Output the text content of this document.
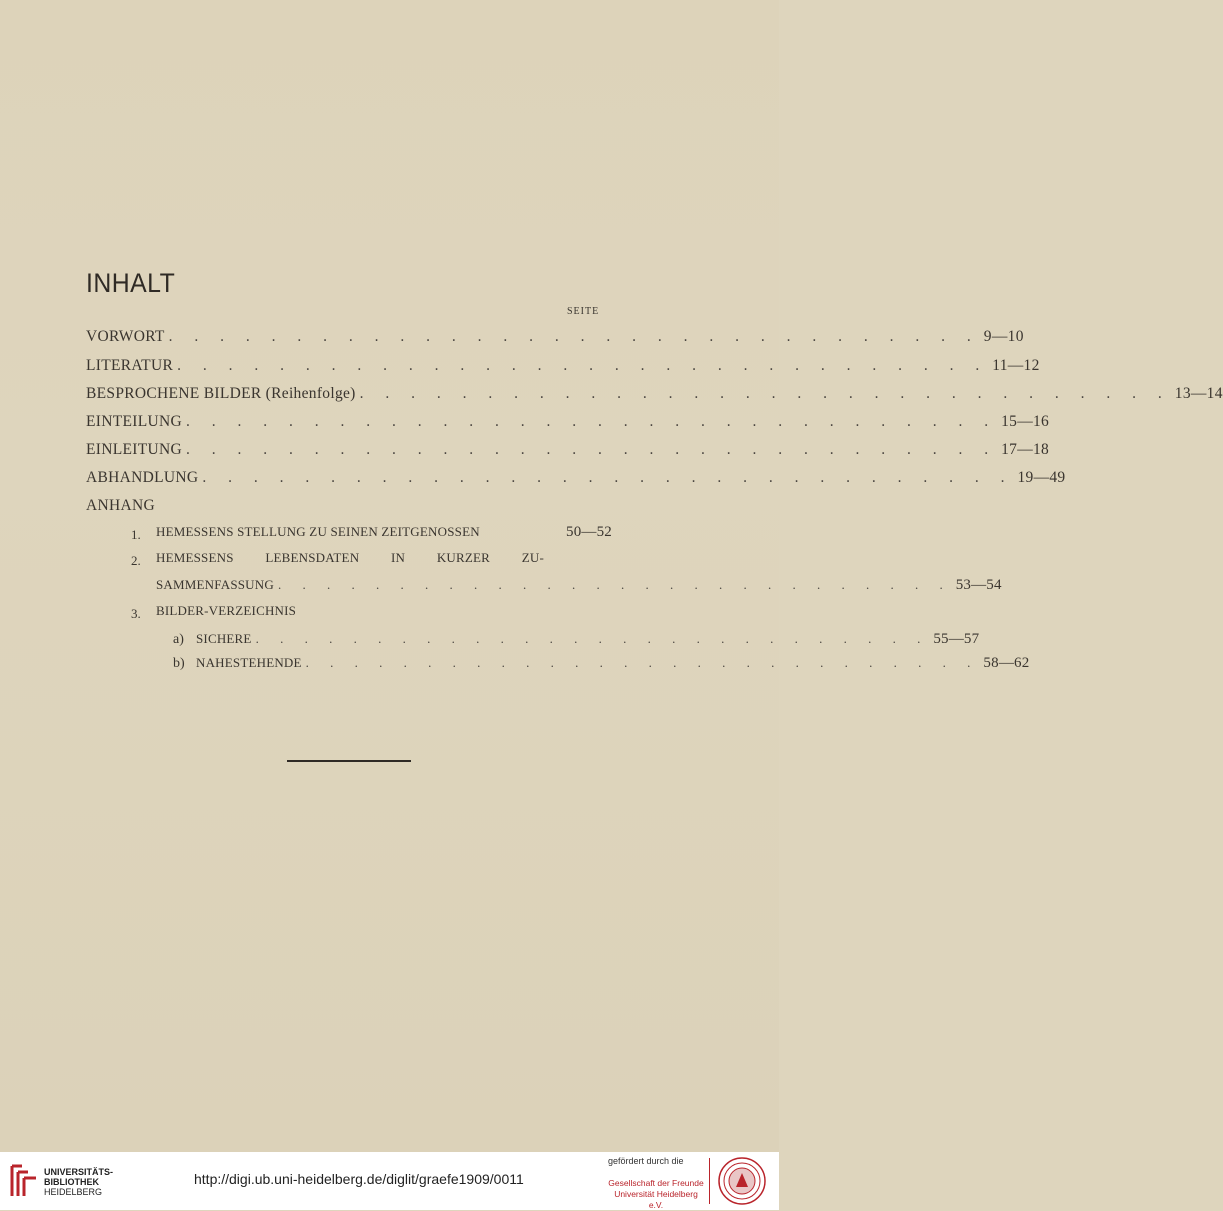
INHALT
SEITE
VORWORT . . . . . . . . . . . . . . . . . . . . . . . . . . . . . . . . 9—10
LITERATUR . . . . . . . . . . . . . . . . . . . . . . . . . . . . . . . . 11—12
BESPROCHENE BILDER (Reihenfolge) . . . . . . . . . . . . . . . . . . . . . . . . . . . . . . . . 13—14
EINTEILUNG . . . . . . . . . . . . . . . . . . . . . . . . . . . . . . . . 15—16
EINLEITUNG . . . . . . . . . . . . . . . . . . . . . . . . . . . . . . . . 17—18
ABHANDLUNG . . . . . . . . . . . . . . . . . . . . . . . . . . . . . . . . 19—49
ANHANG
1. HEMESSENS STELLUNG ZU SEINEN ZEITGENOSSEN	50—52
2. HEMESSENS LEBENSDATEN IN KURZER ZU-
SAMMENFASSUNG . . . . . . . . . . . . . . . . . . . . . . . . . . . . 53—54
3. BILDER-VERZEICHNIS
a) SICHERE . . . . . . . . . . . . . . . . . . . . . . . . . . . . 55—57
b) NAHESTEHENDE . . . . . . . . . . . . . . . . . . . . . . . . . . . . 58—62
UNIVERSITÄTS-
BIBLIOTHEK
HEIDELBERG
http://digi.ub.uni-heidelberg.de/diglit/graefe1909/0011
gefördert durch die
Gesellschaft der Freunde
Universität Heidelberg e.V.
